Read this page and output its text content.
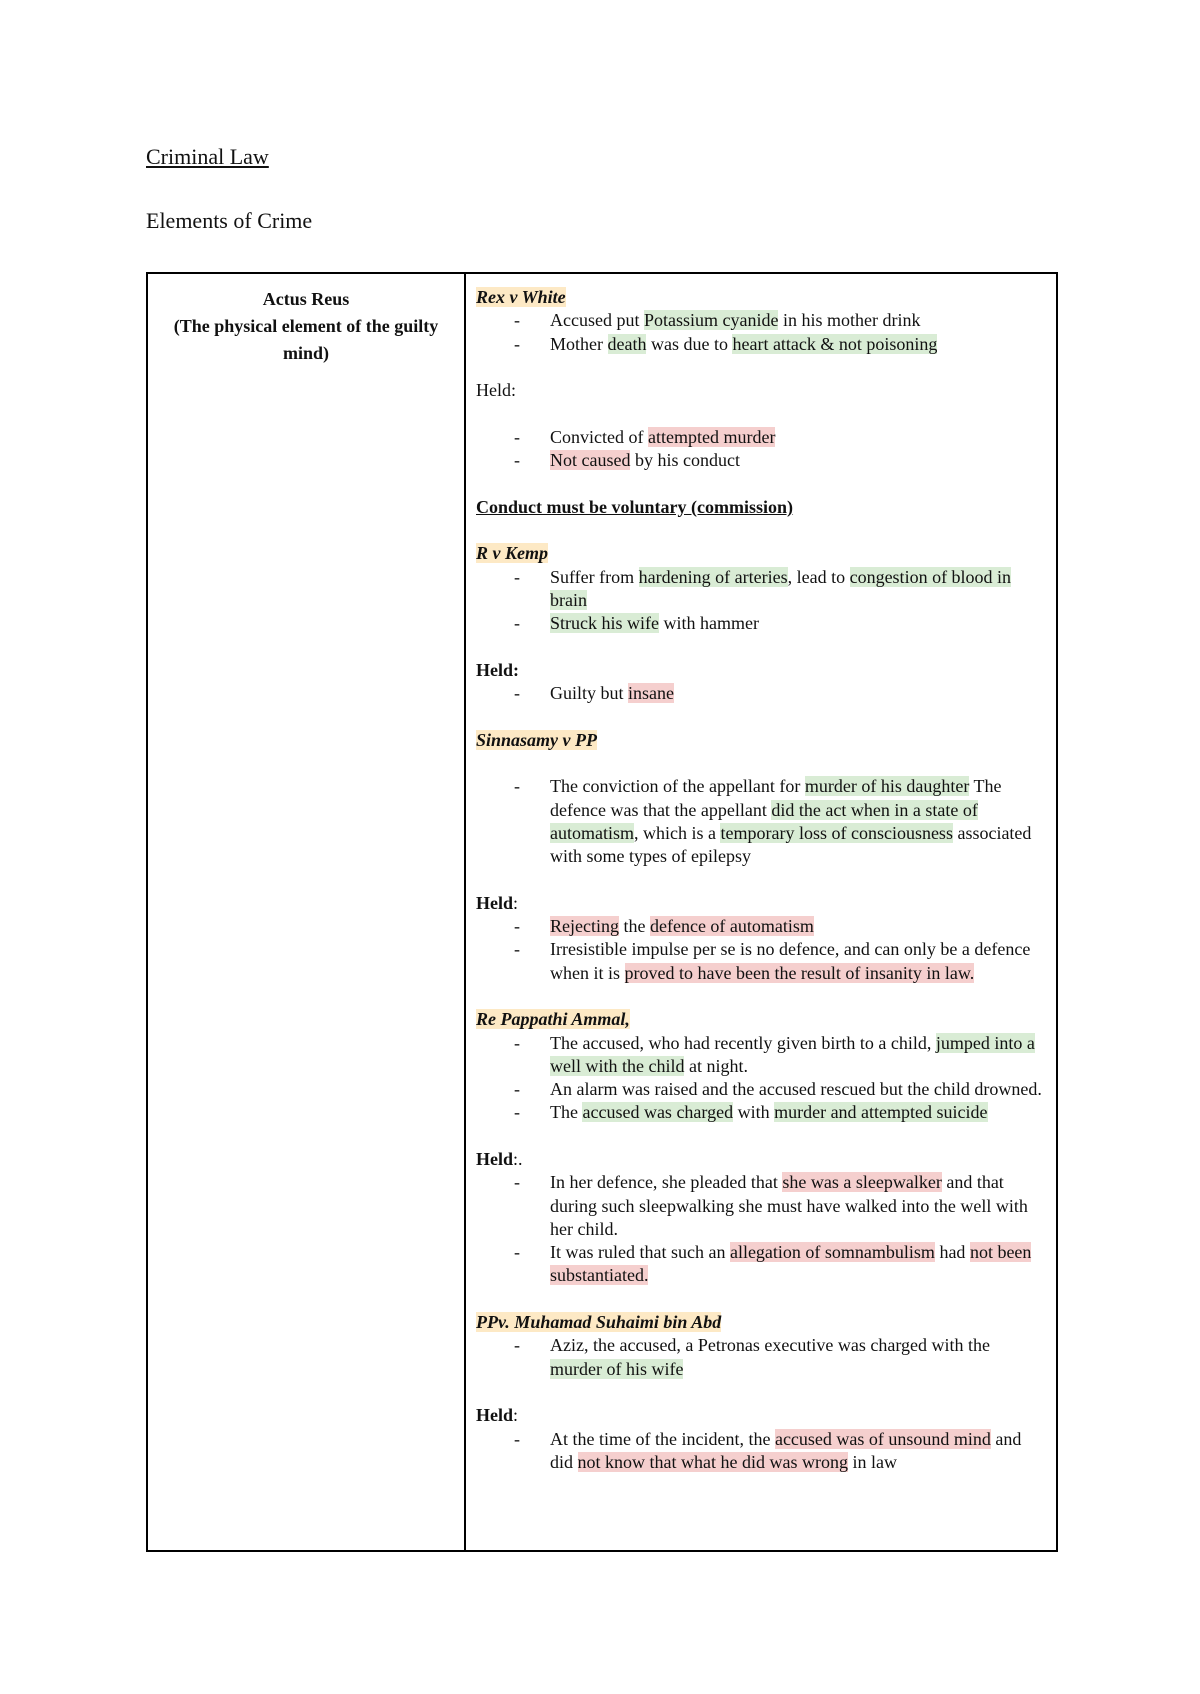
Criminal Law
Elements of Crime
Actus Reus
(The physical element of the guilty mind)
Rex v White
- Accused put Potassium cyanide in his mother drink
- Mother death was due to heart attack & not poisoning
Held:
- Convicted of attempted murder
- Not caused by his conduct
Conduct must be voluntary (commission)
R v Kemp
- Suffer from hardening of arteries, lead to congestion of blood in brain
- Struck his wife with hammer
Held:
- Guilty but insane
Sinnasamy v PP
- The conviction of the appellant for murder of his daughter The defence was that the appellant did the act when in a state of automatism, which is a temporary loss of consciousness associated with some types of epilepsy
Held:
- Rejecting the defence of automatism
- Irresistible impulse per se is no defence, and can only be a defence when it is proved to have been the result of insanity in law.
Re Pappathi Ammal,
- The accused, who had recently given birth to a child, jumped into a well with the child at night.
- An alarm was raised and the accused rescued but the child drowned.
- The accused was charged with murder and attempted suicide
Held:.
- In her defence, she pleaded that she was a sleepwalker and that during such sleepwalking she must have walked into the well with her child.
- It was ruled that such an allegation of somnambulism had not been substantiated.
PPv. Muhamad Suhaimi bin Abd
- Aziz, the accused, a Petronas executive was charged with the murder of his wife
Held:
- At the time of the incident, the accused was of unsound mind and did not know that what he did was wrong in law
